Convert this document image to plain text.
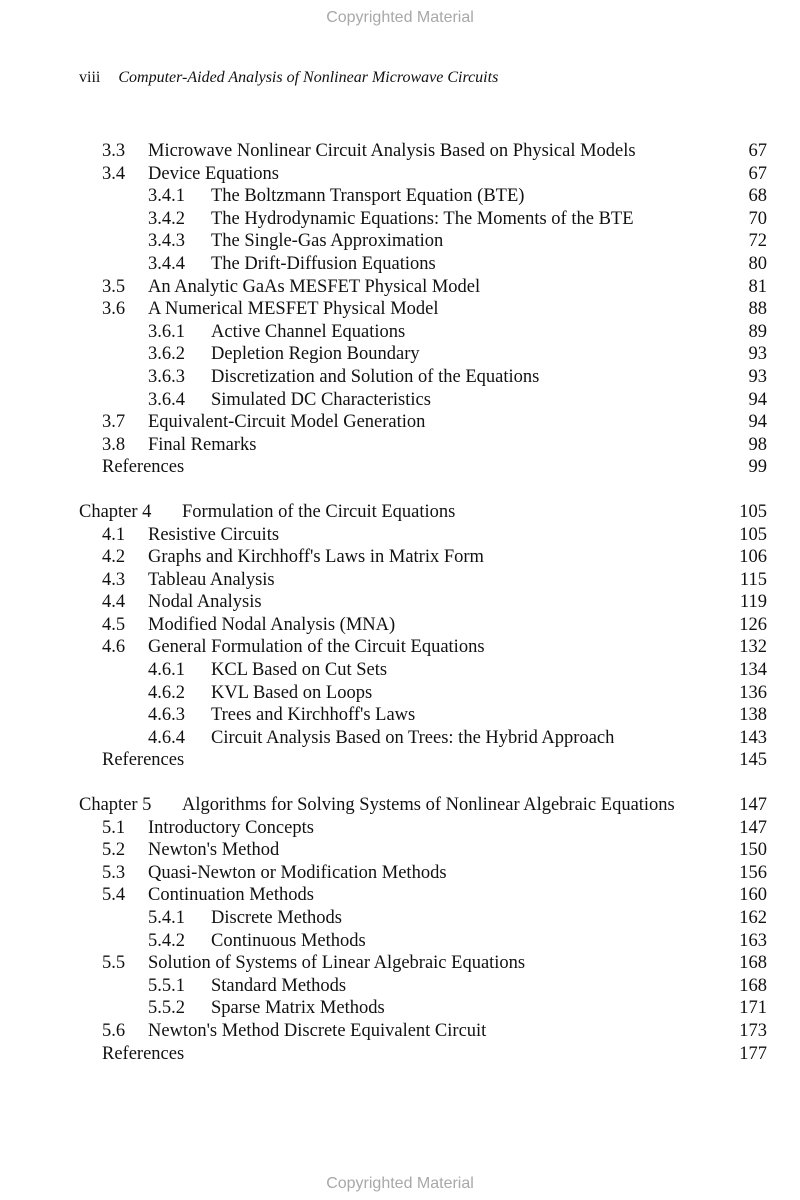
Copyrighted Material
viii Computer-Aided Analysis of Nonlinear Microwave Circuits
3.3 Microwave Nonlinear Circuit Analysis Based on Physical Models	67
3.4 Device Equations	67
3.4.1 The Boltzmann Transport Equation (BTE)	68
3.4.2 The Hydrodynamic Equations: The Moments of the BTE	70
3.4.3 The Single-Gas Approximation	72
3.4.4 The Drift-Diffusion Equations	80
3.5 An Analytic GaAs MESFET Physical Model	81
3.6 A Numerical MESFET Physical Model	88
3.6.1 Active Channel Equations	89
3.6.2 Depletion Region Boundary	93
3.6.3 Discretization and Solution of the Equations	93
3.6.4 Simulated DC Characteristics	94
3.7 Equivalent-Circuit Model Generation	94
3.8 Final Remarks	98
References	99
Chapter 4 Formulation of the Circuit Equations	105
4.1 Resistive Circuits	105
4.2 Graphs and Kirchhoff's Laws in Matrix Form	106
4.3 Tableau Analysis	115
4.4 Nodal Analysis	119
4.5 Modified Nodal Analysis (MNA)	126
4.6 General Formulation of the Circuit Equations	132
4.6.1 KCL Based on Cut Sets	134
4.6.2 KVL Based on Loops	136
4.6.3 Trees and Kirchhoff's Laws	138
4.6.4 Circuit Analysis Based on Trees: the Hybrid Approach	143
References	145
Chapter 5 Algorithms for Solving Systems of Nonlinear Algebraic Equations	147
5.1 Introductory Concepts	147
5.2 Newton's Method	150
5.3 Quasi-Newton or Modification Methods	156
5.4 Continuation Methods	160
5.4.1 Discrete Methods	162
5.4.2 Continuous Methods	163
5.5 Solution of Systems of Linear Algebraic Equations	168
5.5.1 Standard Methods	168
5.5.2 Sparse Matrix Methods	171
5.6 Newton's Method Discrete Equivalent Circuit	173
References	177
Copyrighted Material
